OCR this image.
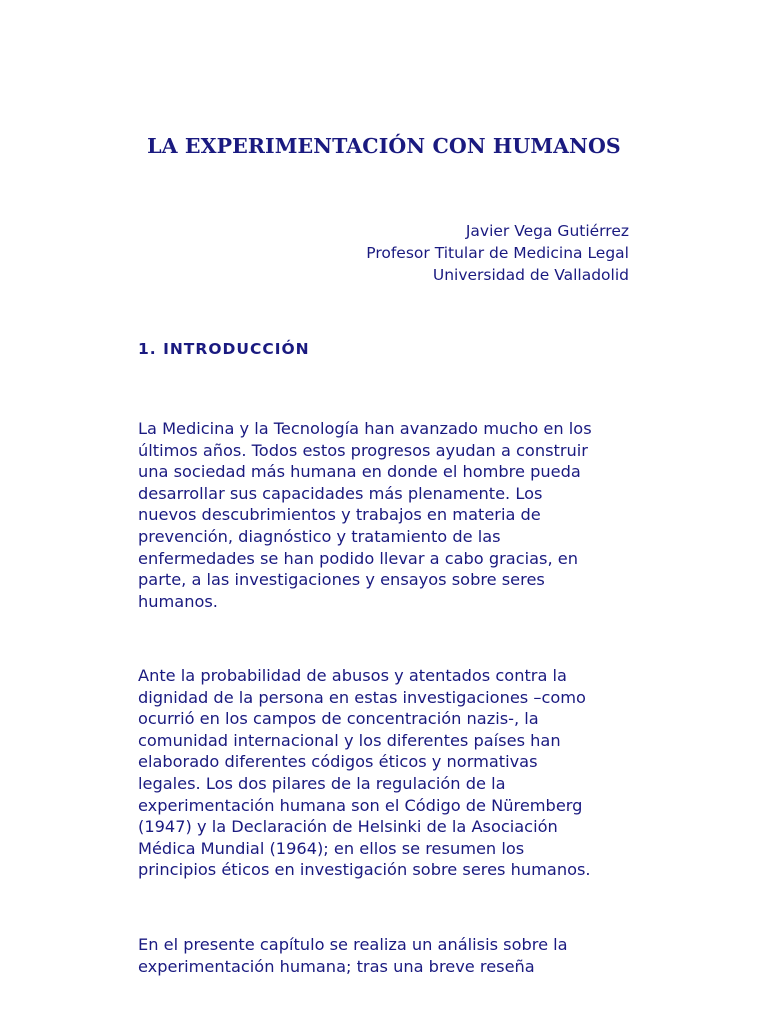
LA EXPERIMENTACIÓN CON HUMANOS
Javier Vega Gutiérrez
Profesor Titular de Medicina Legal
Universidad de Valladolid
1. INTRODUCCIÓN

La Medicina y la Tecnología han avanzado mucho en los
últimos años. Todos estos progresos ayudan a construir
una sociedad más humana en donde el hombre pueda
desarrollar sus capacidades más plenamente. Los
nuevos descubrimientos y trabajos en materia de
prevención, diagnóstico y tratamiento de las
enfermedades se han podido llevar a cabo gracias, en
parte, a las investigaciones y ensayos sobre seres
humanos.

Ante la probabilidad de abusos y atentados contra la
dignidad de la persona en estas investigaciones –como
ocurrió en los campos de concentración nazis-, la
comunidad internacional y los diferentes países han
elaborado diferentes códigos éticos y normativas
legales. Los dos pilares de la regulación de la
experimentación humana son el Código de Nüremberg
(1947) y la Declaración de Helsinki de la Asociación
Médica Mundial (1964); en ellos se resumen los
principios éticos en investigación sobre seres humanos.

En el presente capítulo se realiza un análisis sobre la
experimentación humana; tras una breve reseña
